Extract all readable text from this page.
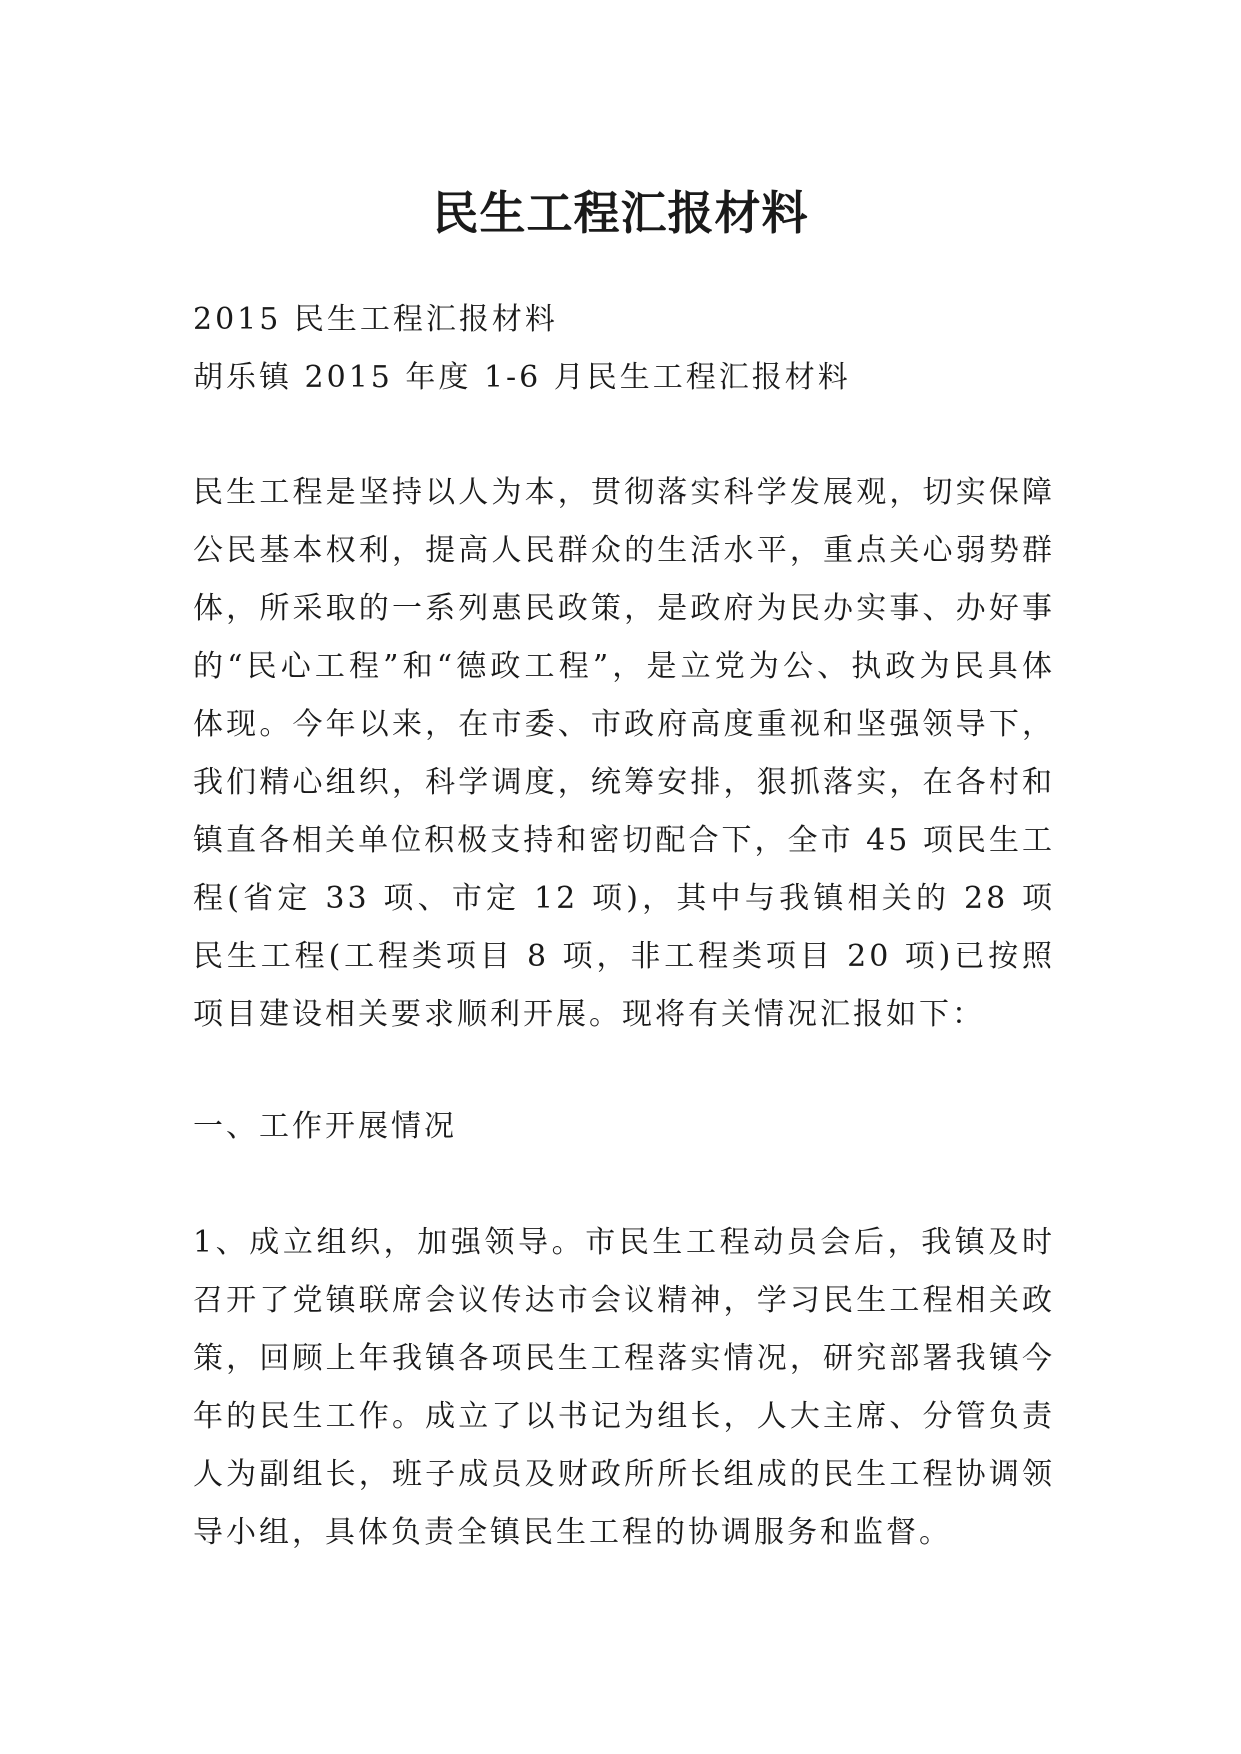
民生工程汇报材料

2015 民生工程汇报材料

胡乐镇 2015 年度 1-6 月民生工程汇报材料

民生工程是坚持以人为本，贯彻落实科学发展观，切实保障公民基本权利，提高人民群众的生活水平，重点关心弱势群体，所采取的一系列惠民政策，是政府为民办实事、办好事的“民心工程”和“德政工程”，是立党为公、执政为民具体体现。今年以来，在市委、市政府高度重视和坚强领导下，我们精心组织，科学调度，统筹安排，狠抓落实，在各村和镇直各相关单位积极支持和密切配合下，全市 45 项民生工程(省定 33 项、市定 12 项)，其中与我镇相关的 28 项民生工程(工程类项目 8 项，非工程类项目 20 项)已按照项目建设相关要求顺利开展。现将有关情况汇报如下：

一、工作开展情况

1、成立组织，加强领导。市民生工程动员会后，我镇及时召开了党镇联席会议传达市会议精神，学习民生工程相关政策，回顾上年我镇各项民生工程落实情况，研究部署我镇今年的民生工作。成立了以书记为组长，人大主席、分管负责人为副组长，班子成员及财政所所长组成的民生工程协调领导小组，具体负责全镇民生工程的协调服务和监督。
